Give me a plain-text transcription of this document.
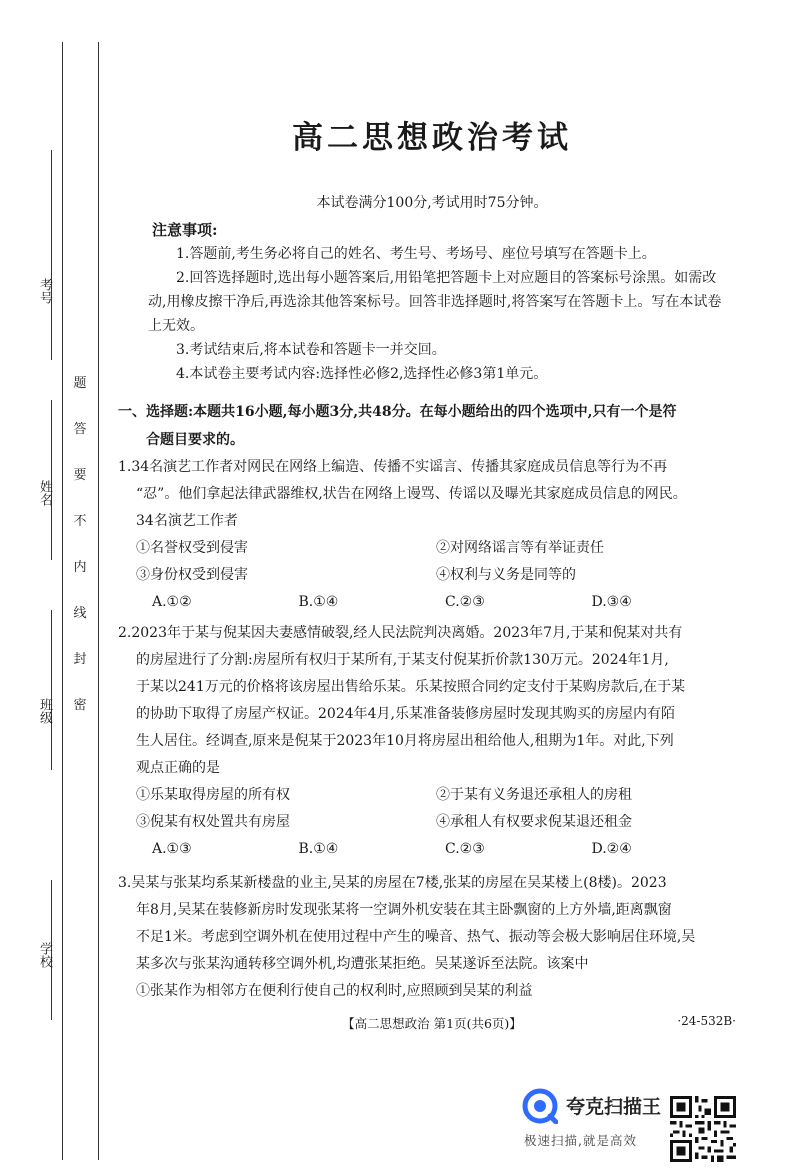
考号
姓名
班级
学校
题
答
要
不
内
线
封
密
高二思想政治考试
本试卷满分100分,考试用时75分钟。
注意事项:

1.答题前,考生务必将自己的姓名、考生号、考场号、座位号填写在答题卡上。

2.回答选择题时,选出每小题答案后,用铅笔把答题卡上对应题目的答案标号涂黑。如需改动,用橡皮擦干净后,再选涂其他答案标号。回答非选择题时,将答案写在答题卡上。写在本试卷上无效。

3.考试结束后,将本试卷和答题卡一并交回。

4.本试卷主要考试内容:选择性必修2,选择性必修3第1单元。

一、选择题:本题共16小题,每小题3分,共48分。在每小题给出的四个选项中,只有一个是符
合题目要求的。

1.34名演艺工作者对网民在网络上编造、传播不实谣言、传播其家庭成员信息等行为不再

“忍”。他们拿起法律武器维权,状告在网络上谩骂、传谣以及曝光其家庭成员信息的网民。

34名演艺工作者

①名誉权受到侵害	②对网络谣言等有举证责任
③身份权受到侵害	④权利与义务是同等的
A.①②	B.①④	C.②③	D.③④

2.2023年于某与倪某因夫妻感情破裂,经人民法院判决离婚。2023年7月,于某和倪某对共有

的房屋进行了分割:房屋所有权归于某所有,于某支付倪某折价款130万元。2024年1月,

于某以241万元的价格将该房屋出售给乐某。乐某按照合同约定支付于某购房款后,在于某

的协助下取得了房屋产权证。2024年4月,乐某准备装修房屋时发现其购买的房屋内有陌

生人居住。经调查,原来是倪某于2023年10月将房屋出租给他人,租期为1年。对此,下列

观点正确的是

①乐某取得房屋的所有权	②于某有义务退还承租人的房租
③倪某有权处置共有房屋	④承租人有权要求倪某退还租金
A.①③	B.①④	C.②③	D.②④

3.吴某与张某均系某新楼盘的业主,吴某的房屋在7楼,张某的房屋在吴某楼上(8楼)。2023

年8月,吴某在装修新房时发现张某将一空调外机安装在其主卧飘窗的上方外墙,距离飘窗

不足1米。考虑到空调外机在使用过程中产生的噪音、热气、振动等会极大影响居住环境,吴

某多次与张某沟通转移空调外机,均遭张某拒绝。吴某遂诉至法院。该案中

①张某作为相邻方在便利行使自己的权利时,应照顾到吴某的利益

【高二思想政治 第1页(共6页)】	·24-532B·
夸克扫描王
极速扫描,就是高效
